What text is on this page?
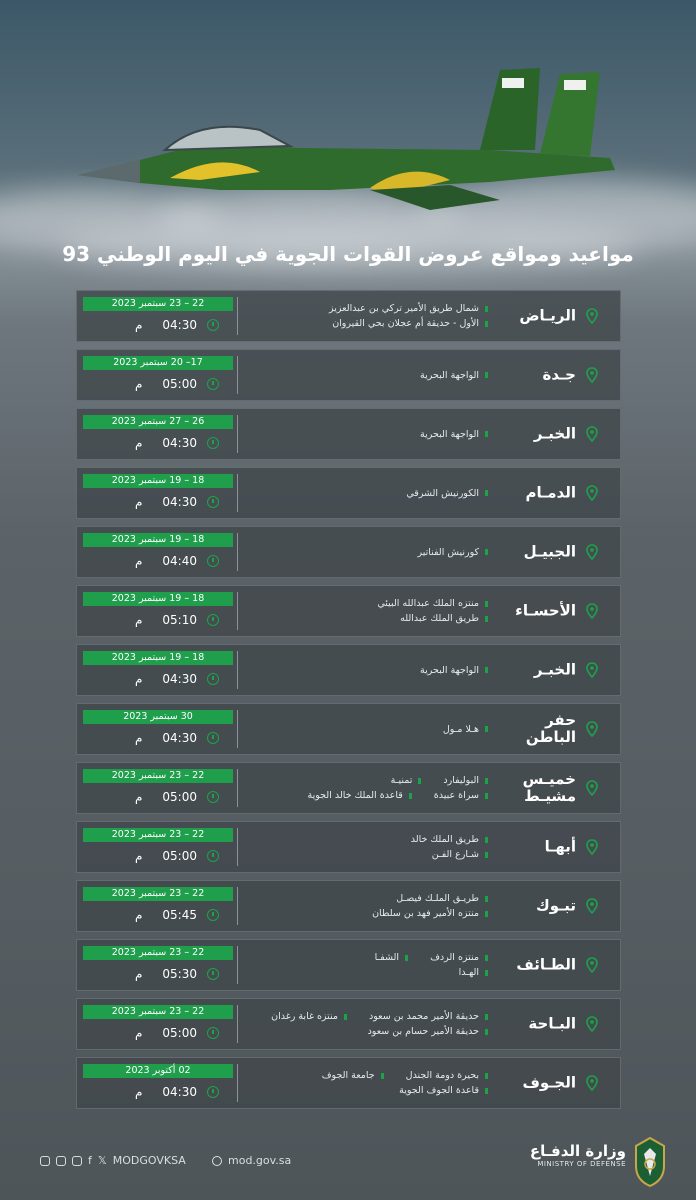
مواعيد ومواقع عروض القوات الجوية في اليوم الوطني 93
الريـاض
شمال طريق الأمير تركي بن عبدالعزيز
الأول - حديقة أم عجلان بحي القيروان
22 – 23 سبتمبر 2023
04:30
م
جـدة
الواجهة البحرية
17– 20 سبتمبر 2023
05:00
م
الخبـر
الواجهة البحرية
26 – 27 سبتمبر 2023
04:30
م
الدمـام
الكورنيش الشرقي
18 – 19 سبتمبر 2023
04:30
م
الجبيـل
كورنيش الفناتير
18 – 19 سبتمبر 2023
04:40
م
الأحسـاء
منتزه الملك عبدالله البيئي
طريق الملك عبدالله
18 – 19 سبتمبر 2023
05:10
م
الخبـر
الواجهة البحرية
18 – 19 سبتمبر 2023
04:30
م
حفر الباطن
هـلا مـول
30 سبتمبر 2023
04:30
م
خميـس مشيـط
البوليفارد
تمنيـة
سراة عبيدة
قاعدة الملك خالد الجوية
22 – 23 سبتمبر 2023
05:00
م
أبهـا
طريق الملك خالد
شـارع الفـن
22 – 23 سبتمبر 2023
05:00
م
تبـوك
طريـق الملـك فيصـل
منتزه الأمير فهد بن سلطان
22 – 23 سبتمبر 2023
05:45
م
الطـائف
منتزه الردف
الشفـا
الهـدا
22 – 23 سبتمبر 2023
05:30
م
البـاحة
حديقة الأمير محمد بن سعود
منتزه غابة رغدان
حديقة الأمير حسام بن سعود
22 – 23 سبتمبر 2023
05:00
م
الجـوف
بحيرة دومة الجندل
جامعة الجوف
قاعدة الجوف الجوية
02 أكتوبر 2023
04:30
م
f 𝕏 MODGOVKSA	mod.gov.sa
وزارة الدفـاع
MINISTRY OF DEFENSE
